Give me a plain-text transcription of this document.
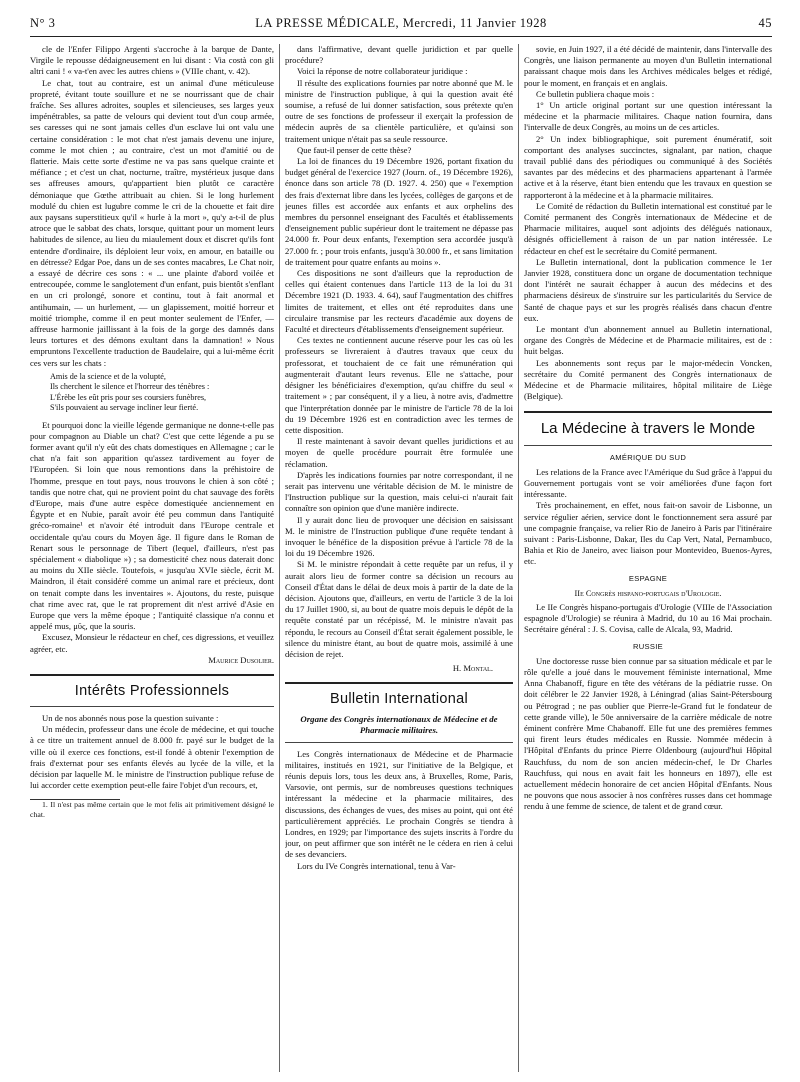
N° 3	LA PRESSE MÉDICALE, Mercredi, 11 Janvier 1928	45

cle de l'Enfer Filippo Argenti s'accroche à la barque de Dante, Virgile le repousse dédaigneusement en lui disant : Via costà con gli altri cani ! « va-t'en avec les autres chiens » (VIIIe chant, v. 42).

Le chat, tout au contraire, est un animal d'une méticuleuse propreté, évitant toute souillure et ne se nourrissant que de chair fraîche. Ses allures adroites, souples et silencieuses, ses larges yeux impénétrables, sa patte de velours qui devient tout d'un coup armée, ses caresses qui ne sont jamais celles d'un esclave lui ont valu une certaine considération : le mot chat n'est jamais devenu une injure, comme le mot chien ; au contraire, c'est un mot d'amitié ou de flatterie. Mais cette sorte d'estime ne va pas sans quelque crainte et méfiance ; et c'est un chat, nocturne, traître, mystérieux jusque dans ses affreuses amours, qu'appartient bien plutôt ce caractère démoniaque que Gœthe attribuait au chien. Si le long hurlement modulé du chien est lugubre comme le cri de la chouette et fait dire aux paysans superstitieux qu'il « hurle à la mort », qu'y a-t-il de plus atroce que le sabbat des chats, lorsque, quittant pour un moment leurs habitudes de silence, au lieu du miaulement doux et discret qu'ils font entendre d'ordinaire, ils déploient leur voix, en amour, en bataille ou en détresse? Edgar Poe, dans un de ses contes macabres, Le Chat noir, a essayé de décrire ces sons : « ... une plainte d'abord voilée et entrecoupée, comme le sanglotement d'un enfant, puis bientôt s'enflant en un cri prolongé, sonore et continu, tout à fait anormal et antihumain, — un hurlement, — un glapissement, moitié horreur et moitié triomphe, comme il en peut monter seulement de l'Enfer, — affreuse harmonie jaillissant à la fois de la gorge des damnés dans leurs tortures et des démons exultant dans la damnation! » Nous empruntons l'excellente traduction de Baudelaire, qui a lui-même écrit ces vers sur les chats :

Amis de la science et de la volupté,
Ils cherchent le silence et l'horreur des ténèbres :
L'Érèbe les eût pris pour ses coursiers funèbres,
S'ils pouvaient au servage incliner leur fierté.

Et pourquoi donc la vieille légende germanique ne donne-t-elle pas pour compagnon au Diable un chat? C'est que cette légende a pu se former avant qu'il n'y eût des chats domestiques en Allemagne ; car le chat n'a fait son apparition qu'assez tardivement au foyer de l'Européen. Si loin que nous remontions dans la préhistoire de l'homme, presque en tout pays, nous trouvons le chien à son côté ; tandis que notre chat, qui ne provient point du chat sauvage des forêts d'Europe, mais d'une autre espèce domestiquée anciennement en Égypte et en Nubie, paraît avoir été peu commun dans l'antiquité gréco-romaine¹ et n'avoir été introduit dans l'Europe centrale et occidentale qu'au cours du Moyen âge. Il figure dans le Roman de Renart sous le personnage de Tibert (lequel, d'ailleurs, n'est pas spécialement « diabolique ») ; sa domesticité chez nous daterait donc au moins du XIIe siècle. Toutefois, « jusqu'au XVIe siècle, écrit M. Maindron, il était considéré comme un animal rare et précieux, dont on tenait compte dans les inventaires ». Ajoutons, du reste, puisque chat rime avec rat, que le rat proprement dit n'est arrivé d'Asie en Europe que vers la même époque ; l'antiquité classique n'a connu et appelé mus, μῦς, que la souris.

Excusez, Monsieur le rédacteur en chef, ces digressions, et veuillez agréer, etc.

Maurice Dusolier.

Intérêts Professionnels

Un de nos abonnés nous pose la question suivante :

Un médecin, professeur dans une école de médecine, et qui touche à ce titre un traitement annuel de 8.000 fr. payé sur le budget de la ville où il exerce ces fonctions, est-il fondé à obtenir l'exemption de frais d'externat pour ses enfants élevés au lycée de la ville, et la décision par laquelle M. le ministre de l'instruction publique refuse de lui accorder cette exemption peut-elle faire l'objet d'un recours, et,

1. Il n'est pas même certain que le mot felis ait primitivement désigné le chat.

dans l'affirmative, devant quelle juridiction et par quelle procédure?

Voici la réponse de notre collaborateur juridique :

Il résulte des explications fournies par notre abonné que M. le ministre de l'instruction publique, à qui la question avait été soumise, a refusé de lui donner satisfaction, sous prétexte qu'en outre de ses fonctions de professeur il exerçait la profession de médecin auprès de sa clientèle particulière, et qu'ainsi son traitement unique n'était pas sa seule ressource.

Que faut-il penser de cette thèse?

La loi de finances du 19 Décembre 1926, portant fixation du budget général de l'exercice 1927 (Journ. of., 19 Décembre 1926), énonce dans son article 78 (D. 1927. 4. 250) que « l'exemption des frais d'externat libre dans les lycées, collèges de garçons et de jeunes filles est accordée aux enfants et aux orphelins des membres du personnel enseignant des Facultés et établissements d'enseignement public supérieur dont le traitement ne dépasse pas 24.000 fr. Pour deux enfants, l'exemption sera accordée jusqu'à 27.000 fr. ; pour trois enfants, jusqu'à 30.000 fr., et sans limitation de traitement pour quatre enfants au moins ».

Ces dispositions ne sont d'ailleurs que la reproduction de celles qui étaient contenues dans l'article 113 de la loi du 31 Décembre 1921 (D. 1933. 4. 64), sauf l'augmentation des chiffres limites de traitement, et elles ont été reproduites dans une circulaire transmise par les recteurs d'académie aux doyens de Faculté et directeurs d'établissements d'enseignement supérieur.

Ces textes ne contiennent aucune réserve pour les cas où les professeurs se livreraient à d'autres travaux que ceux du professorat, et touchaient de ce fait une rémunération qui augmenterait d'autant leurs revenus. Elle ne s'attache, pour désigner les bénéficiaires d'exemption, qu'au chiffre du seul « traitement » ; par conséquent, il y a lieu, à notre avis, d'admettre que l'interprétation donnée par le ministre de l'article 78 de la loi du 19 Décembre 1926 est en contradiction avec les termes de cette disposition.

Il reste maintenant à savoir devant quelles juridictions et au moyen de quelle procédure pourrait être formulée une réclamation.

D'après les indications fournies par notre correspondant, il ne serait pas intervenu une véritable décision de M. le ministre de l'Instruction publique sur la question, mais celui-ci n'aurait fait connaître son opinion que d'une manière indirecte.

Il y aurait donc lieu de provoquer une décision en saisissant M. le ministre de l'Instruction publique d'une requête tendant à invoquer le bénéfice de la disposition prévue à l'article 78 de la loi du 19 Décembre 1926.

Si M. le ministre répondait à cette requête par un refus, il y aurait alors lieu de former contre sa décision un recours au Conseil d'État dans le délai de deux mois à partir de la date de la décision. Ajoutons que, d'ailleurs, en vertu de l'article 3 de la loi du 17 Juillet 1900, si, au bout de quatre mois depuis le dépôt de la requête constaté par un récépissé, M. le ministre n'avait pas répondu, le recours au Conseil d'État serait également possible, le silence du ministre étant, au bout de quatre mois, assimilé à une décision de rejet.

H. Montal.
Bulletin International
Organe des Congrès internationaux de Médecine et de Pharmacie militaires.

Les Congrès internationaux de Médecine et de Pharmacie militaires, institués en 1921, sur l'initiative de la Belgique, et réunis depuis lors, tous les deux ans, à Bruxelles, Rome, Paris, Varsovie, ont permis, sur de nombreuses questions techniques intéressant la médecine et la pharmacie militaires, des discussions, des échanges de vues, des mises au point, qui ont été particulièrement appréciés. Le prochain Congrès se tiendra à Londres, en 1929; par l'importance des sujets inscrits à l'ordre du jour, on peut affirmer que son intérêt ne le cédera en rien à celui de ses devanciers.

Lors du IVe Congrès international, tenu à Var-

sovie, en Juin 1927, il a été décidé de maintenir, dans l'intervalle des Congrès, une liaison permanente au moyen d'un Bulletin international paraissant chaque mois dans les Archives médicales belges et rédigé, pour le moment, en français et en anglais.

Ce bulletin publiera chaque mois :

1° Un article original portant sur une question intéressant la médecine et la pharmacie militaires. Chaque nation fournira, dans l'intervalle de deux Congrès, au moins un de ces articles.

2° Un index bibliographique, soit purement énumératif, soit comportant des analyses succinctes, signalant, par nation, chaque travail publié dans des périodiques ou communiqué à des Sociétés savantes par des médecins et des pharmaciens appartenant à l'armée active et à la réserve, étant bien entendu que les travaux en question se rapporteront à la médecine et à la pharmacie militaires.

Le Comité de rédaction du Bulletin international est constitué par le Comité permanent des Congrès internationaux de Médecine et de Pharmacie militaires, auquel sont adjoints des délégués nationaux, désignés officiellement à raison de un par nation intéressée. Le rédacteur en chef est le secrétaire du Comité permanent.

Le Bulletin international, dont la publication commence le 1er Janvier 1928, constituera donc un organe de documentation technique dont l'intérêt ne saurait échapper à aucun des médecins et des pharmaciens désireux de s'instruire sur les particularités du Service de Santé de chaque pays et sur les progrès réalisés dans chacun d'entre eux.

Le montant d'un abonnement annuel au Bulletin international, organe des Congrès de Médecine et de Pharmacie militaires, est de : huit belgas.

Les abonnements sont reçus par le major-médecin Voncken, secrétaire du Comité permanent des Congrès internationaux de Médecine et de Pharmacie militaires, hôpital militaire de Liège (Belgique).

La Médecine à travers le Monde
AMÉRIQUE DU SUD

Les relations de la France avec l'Amérique du Sud grâce à l'appui du Gouvernement portugais vont se voir améliorées d'une façon fort intéressante.

Très prochainement, en effet, nous fait-on savoir de Lisbonne, un service régulier aérien, service dont le fonctionnement sera assuré par une compagnie française, va relier Rio de Janeiro à Paris par l'itinéraire suivant : Paris-Lisbonne, Dakar, Iles du Cap Vert, Natal, Pernambuco, Bahia et Rio de Janeiro, avec liaison pour Montevideo, Buenos-Ayres, etc.

ESPAGNE
IIe Congrès hispano-portugais d'Urologie.

Le IIe Congrès hispano-portugais d'Urologie (VIIIe de l'Association espagnole d'Urologie) se réunira à Madrid, du 10 au 16 Mai prochain. Secrétaire général : J. S. Covisa, calle de Alcala, 93, Madrid.

RUSSIE

Une doctoresse russe bien connue par sa situation médicale et par le rôle qu'elle a joué dans le mouvement féministe international, Mme Anna Chabanoff, figure en tête des vétérans de la pédiatrie russe. On doit célébrer le 22 Janvier 1928, à Léningrad (alias Saint-Pétersbourg ou Pétrograd ; ne pas oublier que Pierre-le-Grand fut le fondateur de cette grande ville), le 50e anniversaire de la carrière médicale de notre éminent confrère Mme Chabanoff. Elle fut une des premières femmes qui firent leurs études médicales en Russie. Nommée médecin à l'Hôpital d'Enfants du prince Pierre Oldenbourg (aujourd'hui Hôpital Rauchfuss, du nom de son ancien médecin-chef, le Dr Charles Rauchfuss, qui nous en avait fait les honneurs en 1897), elle est actuellement médecin honoraire de cet ancien Hôpital d'Enfants. Nous ne pouvons que nous associer à nos confrères russes dans cet hommage rendu à une femme de science, de talent et de grand cœur.
